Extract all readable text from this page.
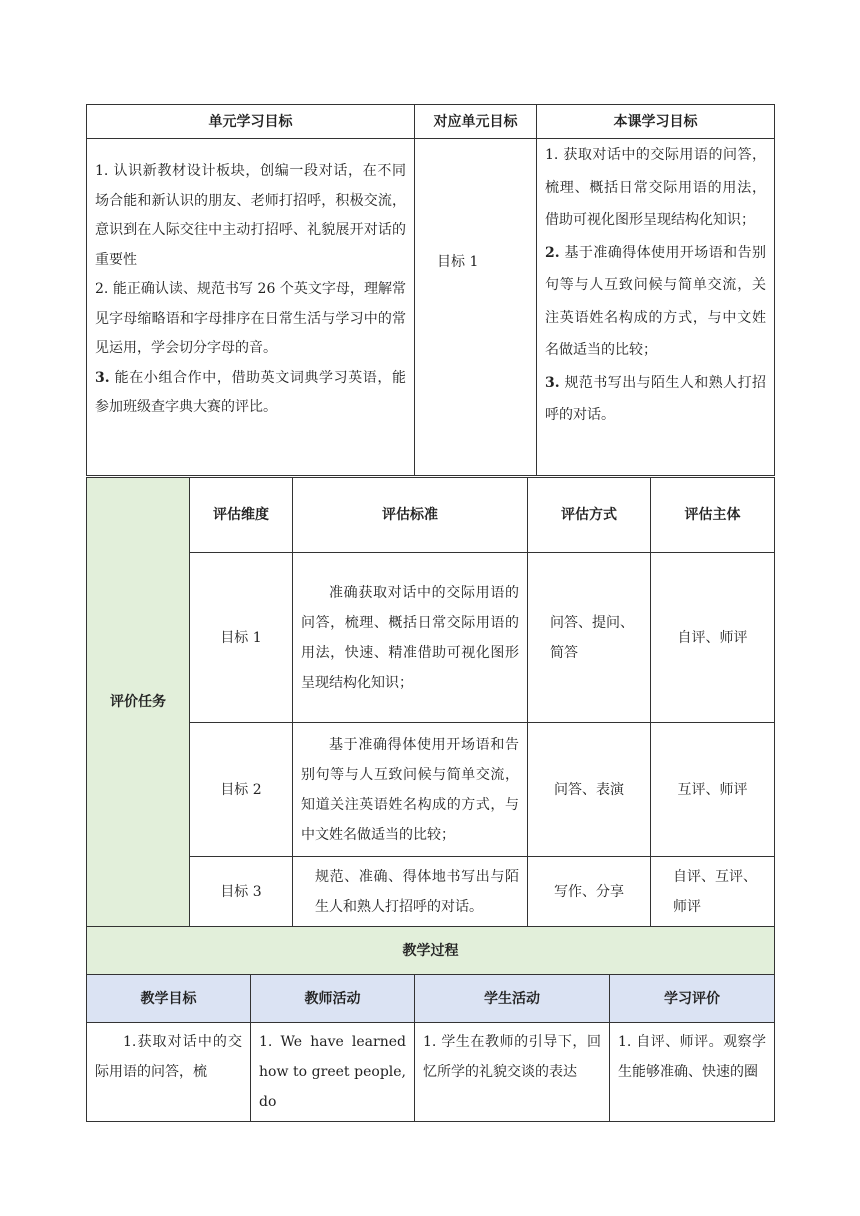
单元学习目标	对应单元目标	本课学习目标

1. 认识新教材设计板块，创编一段对话，在不同场合能和新认识的朋友、老师打招呼，积极交流，意识到在人际交往中主动打招呼、礼貌展开对话的重要性
2. 能正确认读、规范书写 26 个英文字母，理解常见字母缩略语和字母排序在日常生活与学习中的常见运用，学会切分字母的音。
3. 能在小组合作中，借助英文词典学习英语，能参加班级查字典大赛的评比。	目标 1	1. 获取对话中的交际用语的问答，梳理、概括日常交际用语的用法，借助可视化图形呈现结构化知识；
2. 基于准确得体使用开场语和告别句等与人互致问候与简单交流，关注英语姓名构成的方式，与中文姓名做适当的比较；
3. 规范书写出与陌生人和熟人打招呼的对话。
评价任务	评估维度	评估标准	评估方式	评估主体
	目标 1	准确获取对话中的交际用语的问答，梳理、概括日常交际用语的用法，快速、精准借助可视化图形呈现结构化知识；	问答、提问、简答	自评、师评
	目标 2	基于准确得体使用开场语和告别句等与人互致问候与简单交流，知道关注英语姓名构成的方式，与中文姓名做适当的比较；	问答、表演	互评、师评
	目标 3	规范、准确、得体地书写出与陌生人和熟人打招呼的对话。	写作、分享	自评、互评、师评
教学过程			
教学目标	教师活动	学生活动	学习评价
1.获取对话中的交际用语的问答，梳	1. We have learned how to greet people, do	1. 学生在教师的引导下，回忆所学的礼貌交谈的表达	1. 自评、师评。观察学生能够准确、快速的圈
